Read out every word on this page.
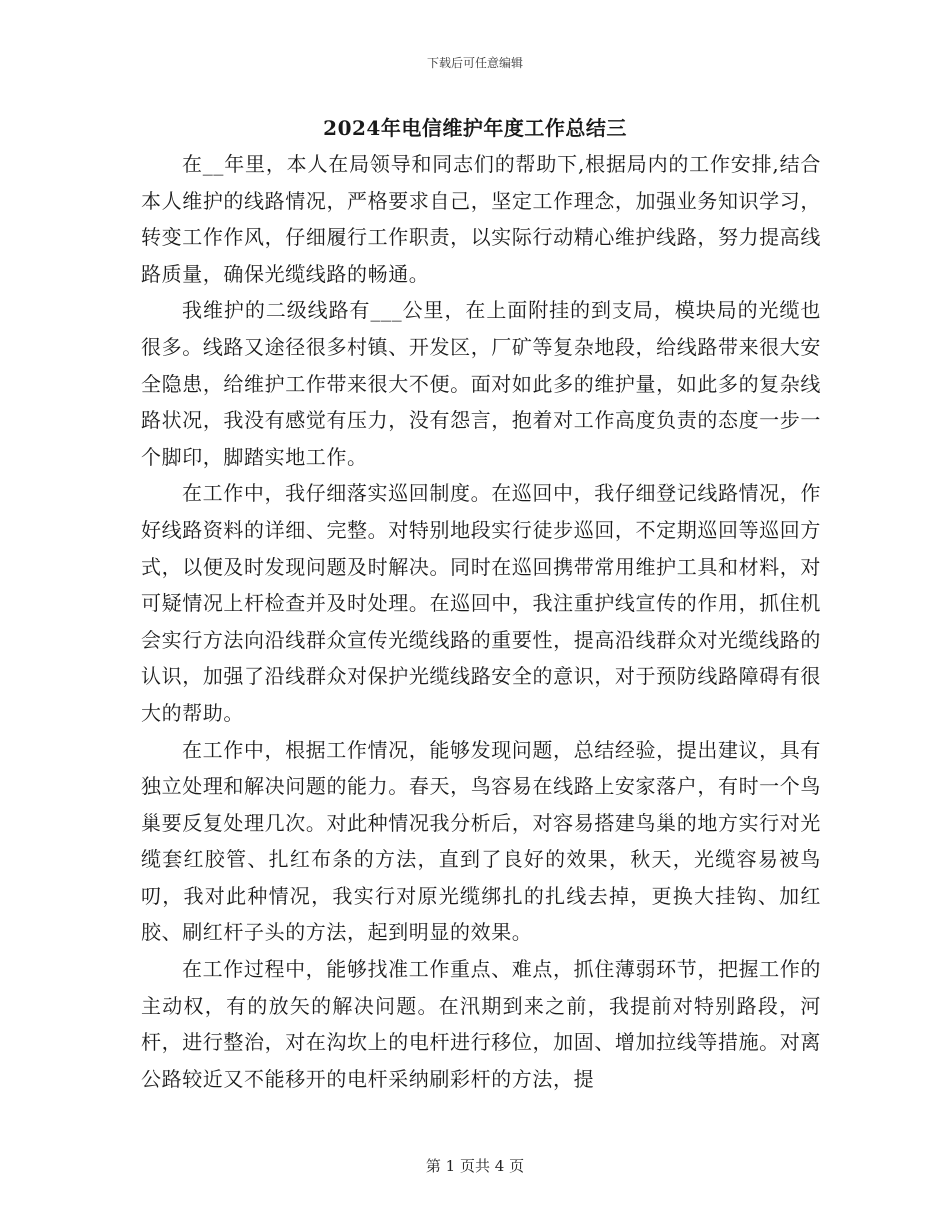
下载后可任意编辑
2024年电信维护年度工作总结三

在__年里，本人在局领导和同志们的帮助下,根据局内的工作安排,结合本人维护的线路情况，严格要求自己，坚定工作理念，加强业务知识学习，转变工作作风，仔细履行工作职责，以实际行动精心维护线路，努力提高线路质量，确保光缆线路的畅通。

我维护的二级线路有___公里，在上面附挂的到支局，模块局的光缆也很多。线路又途径很多村镇、开发区，厂矿等复杂地段，给线路带来很大安全隐患，给维护工作带来很大不便。面对如此多的维护量，如此多的复杂线路状况，我没有感觉有压力，没有怨言，抱着对工作高度负责的态度一步一个脚印，脚踏实地工作。

在工作中，我仔细落实巡回制度。在巡回中，我仔细登记线路情况，作好线路资料的详细、完整。对特别地段实行徒步巡回，不定期巡回等巡回方式，以便及时发现问题及时解决。同时在巡回携带常用维护工具和材料，对可疑情况上杆检查并及时处理。在巡回中，我注重护线宣传的作用，抓住机会实行方法向沿线群众宣传光缆线路的重要性，提高沿线群众对光缆线路的认识，加强了沿线群众对保护光缆线路安全的意识，对于预防线路障碍有很大的帮助。

在工作中，根据工作情况，能够发现问题，总结经验，提出建议，具有独立处理和解决问题的能力。春天，鸟容易在线路上安家落户，有时一个鸟巢要反复处理几次。对此种情况我分析后，对容易搭建鸟巢的地方实行对光缆套红胶管、扎红布条的方法，直到了良好的效果，秋天，光缆容易被鸟叨，我对此种情况，我实行对原光缆绑扎的扎线去掉，更换大挂钩、加红胶、刷红杆子头的方法，起到明显的效果。

在工作过程中，能够找准工作重点、难点，抓住薄弱环节，把握工作的主动权，有的放矢的解决问题。在汛期到来之前，我提前对特别路段，河杆，进行整治，对在沟坎上的电杆进行移位，加固、增加拉线等措施。对离公路较近又不能移开的电杆采纳刷彩杆的方法，提

第 1 页共 4 页
